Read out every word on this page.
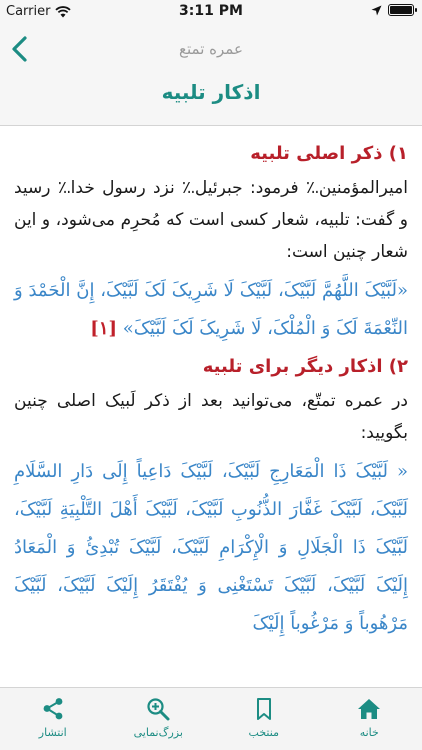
Carrier	3:11 PM
عمره تمتع
اذکار تلبیه
۱) ذکر اصلی تلبیه

امیرالمؤمنین؉ فرمود: جبرئیل؉ نزد رسول خدا؉ رسید و گفت: تلبیه، شعار کسی است که مُحرِم می‌شود، و این شعار چنین است:

«لَبَّیْکَ اللَّهُمَّ لَبَّیْکَ، لَبَّیْکَ لَا شَرِیکَ لَکَ لَبَّیْکَ، إِنَّ الْحَمْدَ وَ النِّعْمَةَ لَکَ وَ الْمُلْکَ، لَا شَرِیکَ لَکَ لَبَّیْکَ» [۱]

۲) اذکار دیگر برای تلبیه

در عمره تمتّع، می‌توانید بعد از ذکر لَبیک اصلی چنین بگویید:

« لَبَّیْکَ ذَا الْمَعَارِجِ لَبَّیْکَ، لَبَّیْکَ دَاعِیاً إِلَی دَارِ السَّلَامِ لَبَّیْکَ، لَبَّیْکَ غَفَّارَ الذُّنُوبِ لَبَّیْکَ، لَبَّیْکَ أَهْلَ التَّلْبِیَةِ لَبَّیْکَ، لَبَّیْکَ ذَا الْجَلَالِ وَ الْإِکْرَامِ لَبَّیْکَ، لَبَّیْکَ تُبْدِئُ وَ الْمَعَادُ إِلَیْکَ لَبَّیْکَ، لَبَّیْکَ تَسْتَغْنِی وَ یُفْتَقَرُ إِلَیْکَ لَبَّیْکَ، لَبَّیْکَ مَرْهُوباً وَ مَرْغُوباً إِلَیْکَ

خانه
منتخب
بزرگ‌نمایی
انتشار
